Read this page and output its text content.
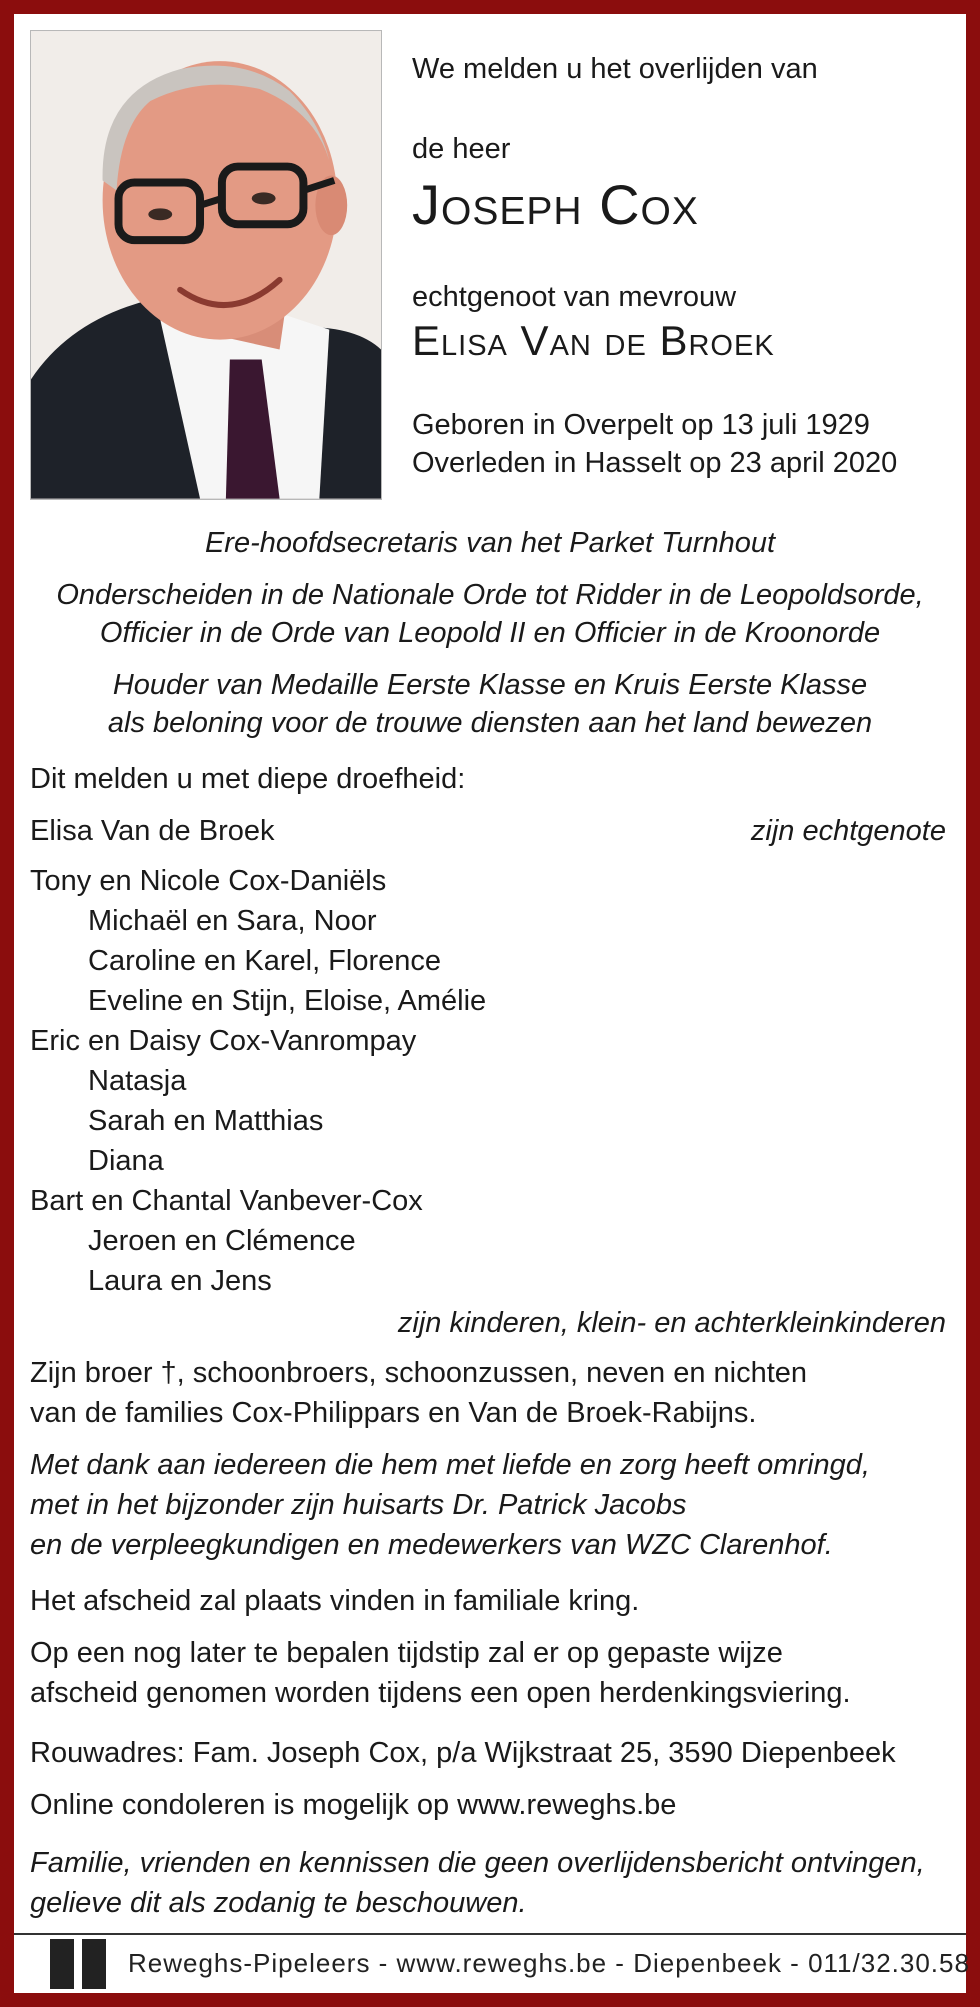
We melden u het overlijden van

de heer

Joseph Cox

echtgenoot van mevrouw

Elisa Van de Broek

Geboren in Overpelt op 13 juli 1929

Overleden in Hasselt op 23 april 2020

Ere-hoofdsecretaris van het Parket Turnhout

Onderscheiden in de Nationale Orde tot Ridder in de Leopoldsorde,

Officier in de Orde van Leopold II en Officier in de Kroonorde

Houder van Medaille Eerste Klasse en Kruis Eerste Klasse

als beloning voor de trouwe diensten aan het land bewezen

Dit melden u met diepe droefheid:

Elisa Van de Broek	zijn echtgenote

Tony en Nicole Cox-Daniëls

Michaël en Sara, Noor

Caroline en Karel, Florence

Eveline en Stijn, Eloise, Amélie

Eric en Daisy Cox-Vanrompay

Natasja

Sarah en Matthias

Diana

Bart en Chantal Vanbever-Cox

Jeroen en Clémence

Laura en Jens

zijn kinderen, klein- en achterkleinkinderen

Zijn broer †, schoonbroers, schoonzussen, neven en nichten

van de families Cox-Philippars en Van de Broek-Rabijns.

Met dank aan iedereen die hem met liefde en zorg heeft omringd,

met in het bijzonder zijn huisarts Dr. Patrick Jacobs

en de verpleegkundigen en medewerkers van WZC Clarenhof.

Het afscheid zal plaats vinden in familiale kring.

Op een nog later te bepalen tijdstip zal er op gepaste wijze

afscheid genomen worden tijdens een open herdenkingsviering.

Rouwadres: Fam. Joseph Cox, p/a Wijkstraat 25, 3590 Diepenbeek

Online condoleren is mogelijk op www.reweghs.be

Familie, vrienden en kennissen die geen overlijdensbericht ontvingen,

gelieve dit als zodanig te beschouwen.

Reweghs-Pipeleers - www.reweghs.be - Diepenbeek - 011/32.30.58
